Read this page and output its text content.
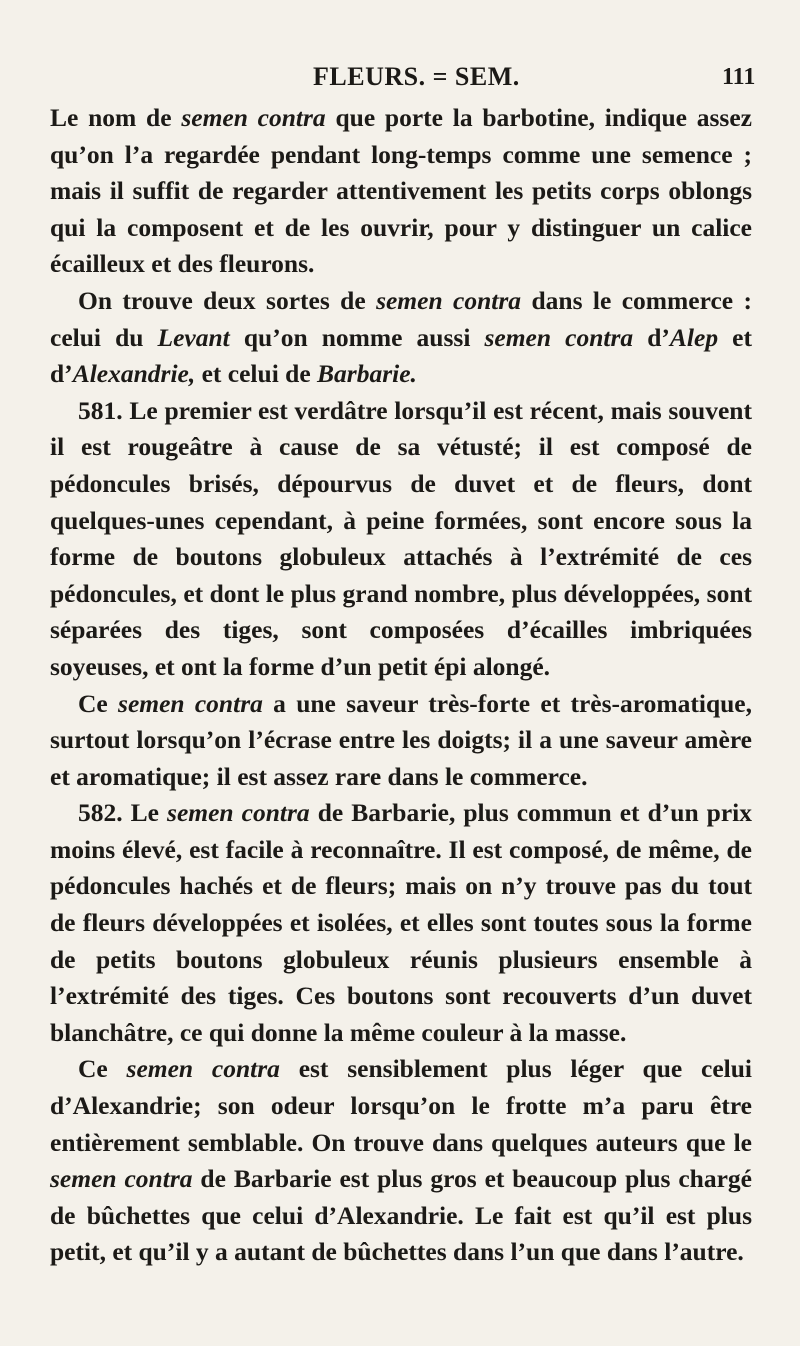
FLEURS. = SEM.	111

Le nom de semen contra que porte la barbotine, indique assez qu’on l’a regardée pendant long-temps comme une semence ; mais il suffit de regarder attentivement les petits corps oblongs qui la composent et de les ouvrir, pour y distinguer un calice écailleux et des fleurons.

On trouve deux sortes de semen contra dans le commerce : celui du Levant qu’on nomme aussi semen contra d’Alep et d’Alexandrie, et celui de Barbarie.

581. Le premier est verdâtre lorsqu’il est récent, mais souvent il est rougeâtre à cause de sa vétusté; il est composé de pédoncules brisés, dépourvus de duvet et de fleurs, dont quelques-unes cependant, à peine formées, sont encore sous la forme de boutons globuleux attachés à l’extrémité de ces pédoncules, et dont le plus grand nombre, plus développées, sont séparées des tiges, sont composées d’écailles imbriquées soyeuses, et ont la forme d’un petit épi alongé.

Ce semen contra a une saveur très-forte et très-aromatique, surtout lorsqu’on l’écrase entre les doigts; il a une saveur amère et aromatique; il est assez rare dans le commerce.

582. Le semen contra de Barbarie, plus commun et d’un prix moins élevé, est facile à reconnaître. Il est composé, de même, de pédoncules hachés et de fleurs; mais on n’y trouve pas du tout de fleurs développées et isolées, et elles sont toutes sous la forme de petits boutons globuleux réunis plusieurs ensemble à l’extrémité des tiges. Ces boutons sont recouverts d’un duvet blanchâtre, ce qui donne la même couleur à la masse.

Ce semen contra est sensiblement plus léger que celui d’Alexandrie; son odeur lorsqu’on le frotte m’a paru être entièrement semblable. On trouve dans quelques auteurs que le semen contra de Barbarie est plus gros et beaucoup plus chargé de bûchettes que celui d’Alexandrie. Le fait est qu’il est plus petit, et qu’il y a autant de bûchettes dans l’un que dans l’autre.
